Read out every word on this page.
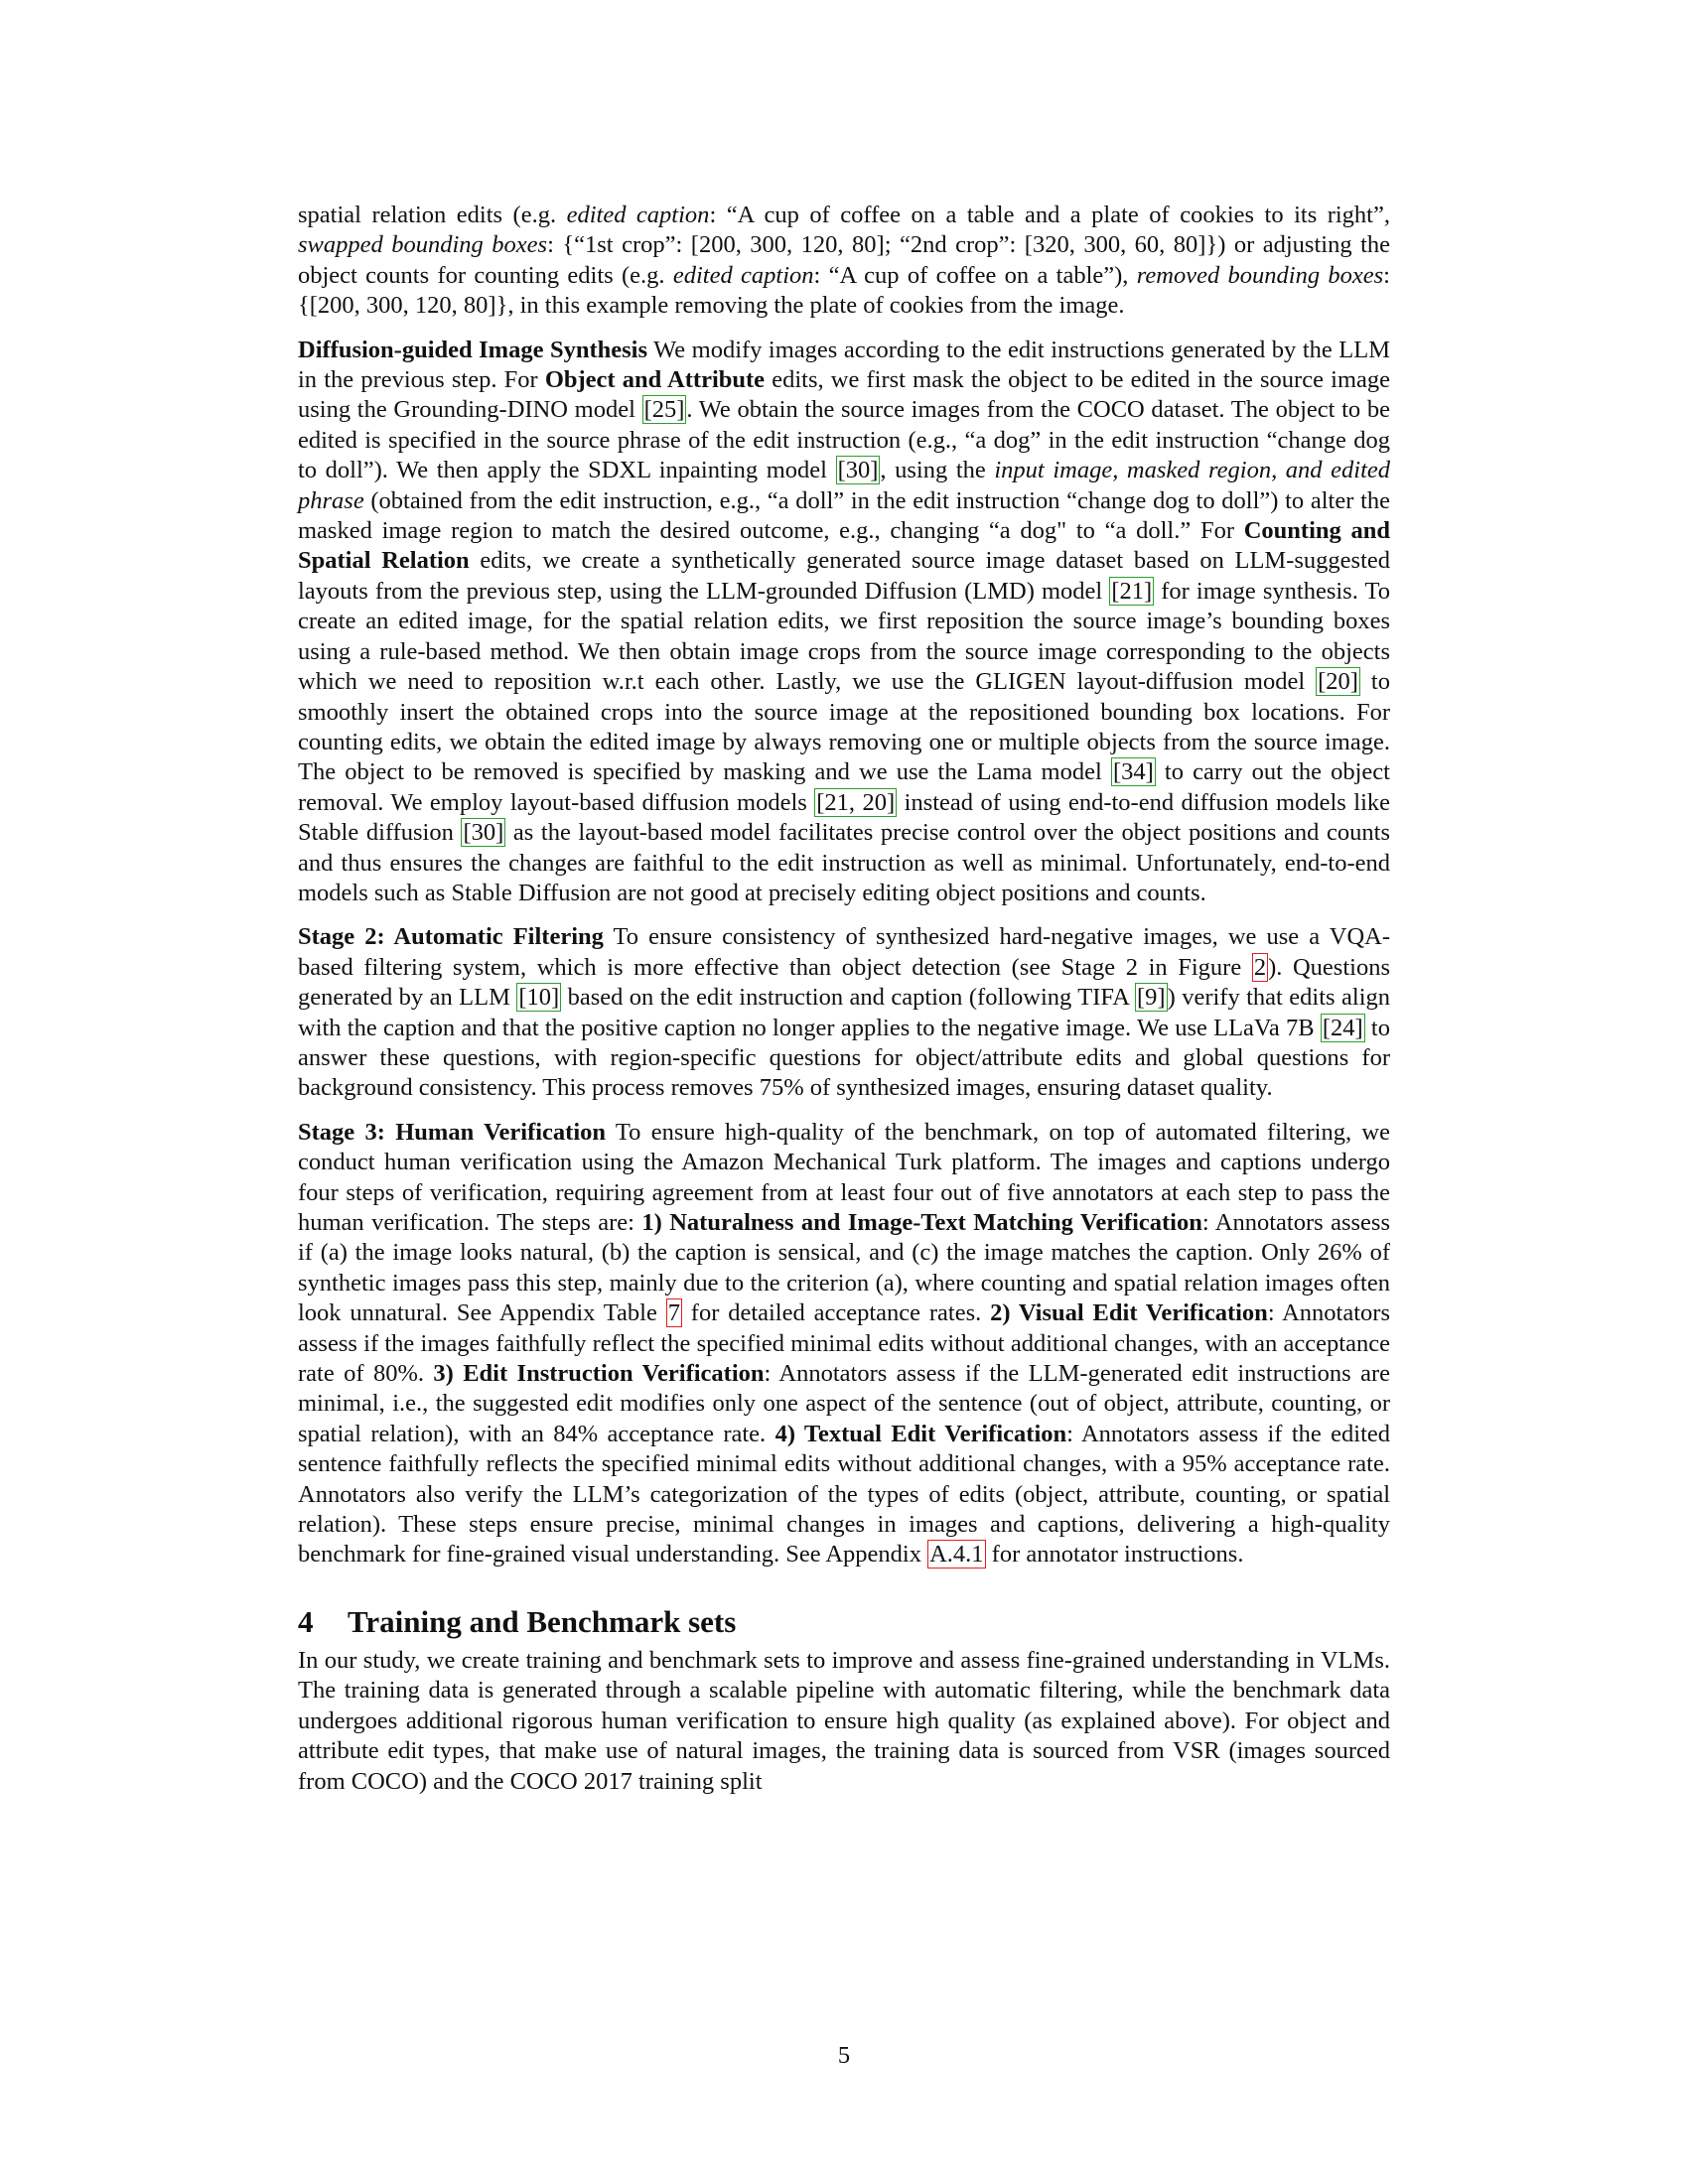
spatial relation edits (e.g. edited caption: “A cup of coffee on a table and a plate of cookies to its right”, swapped bounding boxes: {“1st crop”: [200, 300, 120, 80]; “2nd crop”: [320, 300, 60, 80]}) or adjusting the object counts for counting edits (e.g. edited caption: “A cup of coffee on a table”), removed bounding boxes: {[200, 300, 120, 80]}, in this example removing the plate of cookies from the image.

Diffusion-guided Image Synthesis We modify images according to the edit instructions generated by the LLM in the previous step. For Object and Attribute edits, we first mask the object to be edited in the source image using the Grounding-DINO model [25]. We obtain the source images from the COCO dataset. The object to be edited is specified in the source phrase of the edit instruction (e.g., “a dog” in the edit instruction “change dog to doll”). We then apply the SDXL inpainting model [30], using the input image, masked region, and edited phrase (obtained from the edit instruction, e.g., “a doll” in the edit instruction “change dog to doll”) to alter the masked image region to match the desired outcome, e.g., changing “a dog" to “a doll.” For Counting and Spatial Relation edits, we create a synthetically generated source image dataset based on LLM-suggested layouts from the previous step, using the LLM-grounded Diffusion (LMD) model [21] for image synthesis. To create an edited image, for the spatial relation edits, we first reposition the source image’s bounding boxes using a rule-based method. We then obtain image crops from the source image corresponding to the objects which we need to reposition w.r.t each other. Lastly, we use the GLIGEN layout-diffusion model [20] to smoothly insert the obtained crops into the source image at the repositioned bounding box locations. For counting edits, we obtain the edited image by always removing one or multiple objects from the source image. The object to be removed is specified by masking and we use the Lama model [34] to carry out the object removal. We employ layout-based diffusion models [21, 20] instead of using end-to-end diffusion models like Stable diffusion [30] as the layout-based model facilitates precise control over the object positions and counts and thus ensures the changes are faithful to the edit instruction as well as minimal. Unfortunately, end-to-end models such as Stable Diffusion are not good at precisely editing object positions and counts.

Stage 2: Automatic Filtering To ensure consistency of synthesized hard-negative images, we use a VQA-based filtering system, which is more effective than object detection (see Stage 2 in Figure 2). Questions generated by an LLM [10] based on the edit instruction and caption (following TIFA [9]) verify that edits align with the caption and that the positive caption no longer applies to the negative image. We use LLaVa 7B [24] to answer these questions, with region-specific questions for object/attribute edits and global questions for background consistency. This process removes 75% of synthesized images, ensuring dataset quality.

Stage 3: Human Verification To ensure high-quality of the benchmark, on top of automated filtering, we conduct human verification using the Amazon Mechanical Turk platform. The images and captions undergo four steps of verification, requiring agreement from at least four out of five annotators at each step to pass the human verification. The steps are: 1) Naturalness and Image-Text Matching Verification: Annotators assess if (a) the image looks natural, (b) the caption is sensical, and (c) the image matches the caption. Only 26% of synthetic images pass this step, mainly due to the criterion (a), where counting and spatial relation images often look unnatural. See Appendix Table 7 for detailed acceptance rates. 2) Visual Edit Verification: Annotators assess if the images faithfully reflect the specified minimal edits without additional changes, with an acceptance rate of 80%. 3) Edit Instruction Verification: Annotators assess if the LLM-generated edit instructions are minimal, i.e., the suggested edit modifies only one aspect of the sentence (out of object, attribute, counting, or spatial relation), with an 84% acceptance rate. 4) Textual Edit Verification: Annotators assess if the edited sentence faithfully reflects the specified minimal edits without additional changes, with a 95% acceptance rate. Annotators also verify the LLM’s categorization of the types of edits (object, attribute, counting, or spatial relation). These steps ensure precise, minimal changes in images and captions, delivering a high-quality benchmark for fine-grained visual understanding. See Appendix A.4.1 for annotator instructions.

4 Training and Benchmark sets

In our study, we create training and benchmark sets to improve and assess fine-grained understanding in VLMs. The training data is generated through a scalable pipeline with automatic filtering, while the benchmark data undergoes additional rigorous human verification to ensure high quality (as explained above). For object and attribute edit types, that make use of natural images, the training data is sourced from VSR (images sourced from COCO) and the COCO 2017 training split

5
